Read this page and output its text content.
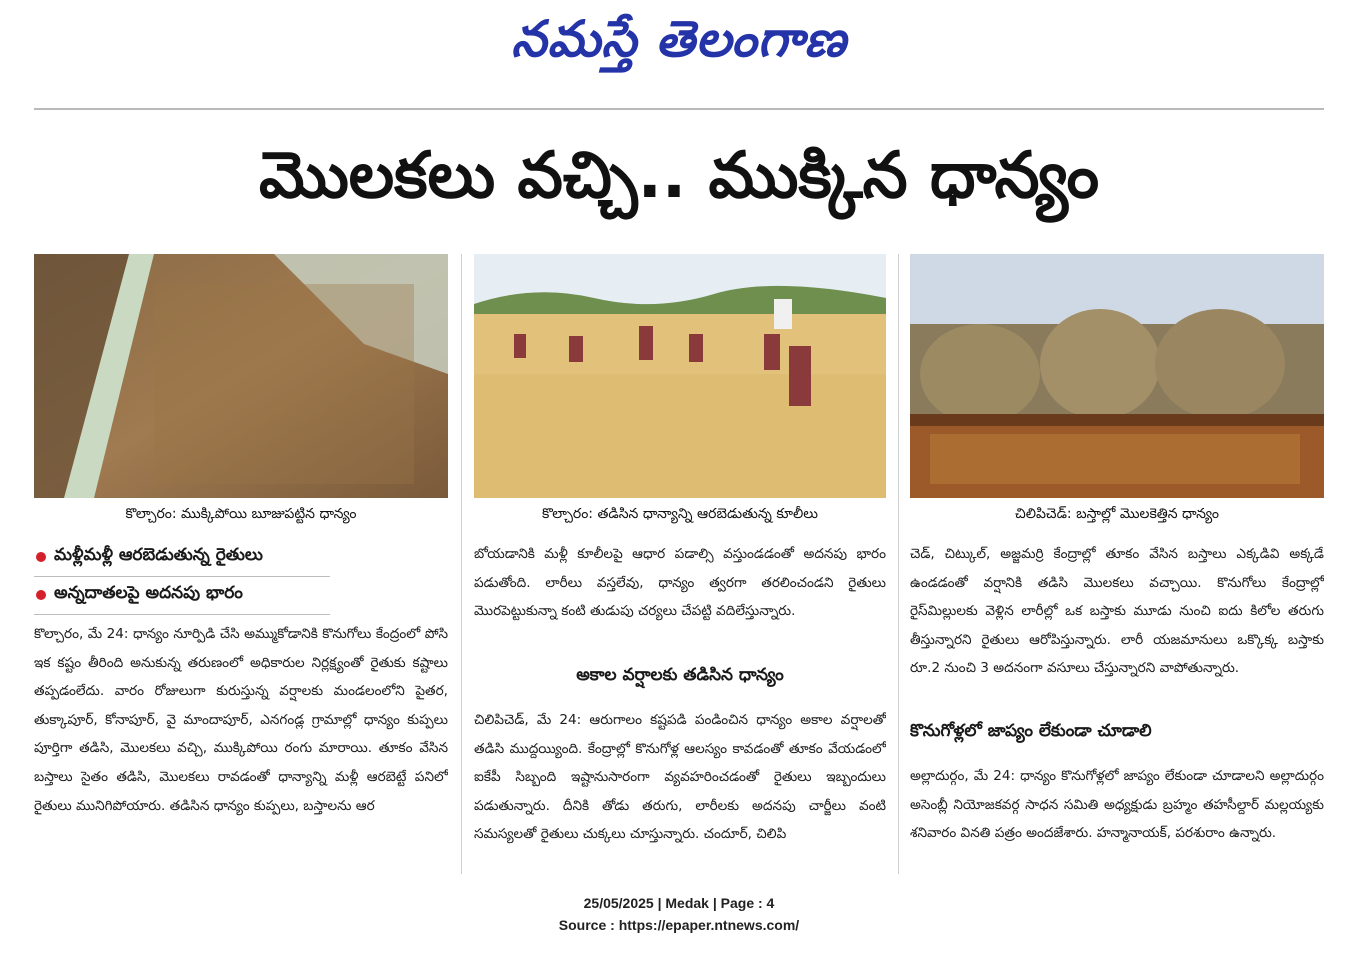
నమస్తే తెలంగాణ
మొలకలు వచ్చి.. ముక్కిన ధాన్యం
కొల్చారం: ముక్కిపోయి బూజుపట్టిన ధాన్యం	కొల్చారం: తడిసిన ధాన్యాన్ని ఆరబెడుతున్న కూలీలు	చిలిపిచెడ్: బస్తాల్లో మొలకెత్తిన ధాన్యం
మళ్లీమళ్లీ ఆరబెడుతున్న రైతులు
అన్నదాతలపై అదనపు భారం
కొల్చారం, మే 24: ధాన్యం నూర్పిడి చేసి అమ్ముకోడానికి కొనుగోలు కేంద్రంలో పోసి ఇక కష్టం తీరింది అనుకున్న తరుణంలో అధికారుల నిర్లక్ష్యంతో రైతుకు కష్టాలు తప్పడంలేదు. వారం రోజులుగా కురుస్తున్న వర్షాలకు మండలంలోని పైతర, తుక్కాపూర్, కోనాపూర్, వై మాందాపూర్, ఎనగండ్ల గ్రామాల్లో ధాన్యం కుప్పలు పూర్తిగా తడిసి, మొలకలు వచ్చి, ముక్కిపోయి రంగు మారాయి. తూకం వేసిన బస్తాలు సైతం తడిసి, మొలకలు రావడంతో ధాన్యాన్ని మళ్లీ ఆరబెట్టే పనిలో రైతులు మునిగిపోయారు. తడిసిన ధాన్యం కుప్పలు, బస్తాలను ఆర
బోయడానికి మళ్లీ కూలీలపై ఆధార పడాల్సి వస్తుండడంతో అదనపు భారం పడుతోంది. లారీలు వస్తలేవు, ధాన్యం త్వరగా తరలించండని రైతులు మొరపెట్టుకున్నా కంటి తుడుపు చర్యలు చేపట్టి వదిలేస్తున్నారు.
అకాల వర్షాలకు తడిసిన ధాన్యం
చిలిపిచెడ్, మే 24: ఆరుగాలం కష్టపడి పండించిన ధాన్యం అకాల వర్షాలతో తడిసి ముద్దయ్యింది. కేంద్రాల్లో కొనుగోళ్ల ఆలస్యం కావడంతో తూకం వేయడంలో ఐకేపీ సిబ్బంది ఇష్టానుసారంగా వ్యవహరించడంతో రైతులు ఇబ్బందులు పడుతున్నారు. దీనికి తోడు తరుగు, లారీలకు అదనపు చార్జీలు వంటి సమస్యలతో రైతులు చుక్కలు చూస్తున్నారు. చందూర్, చిలిపి
చెడ్, చిట్కుల్, అజ్జమర్రి కేంద్రాల్లో తూకం వేసిన బస్తాలు ఎక్కడివి అక్కడే ఉండడంతో వర్షానికి తడిసి మొలకలు వచ్చాయి. కొనుగోలు కేంద్రాల్లో రైస్‌మిల్లులకు వెళ్లిన లారీల్లో ఒక బస్తాకు మూడు నుంచి ఐదు కిలోల తరుగు తీస్తున్నారని రైతులు ఆరోపిస్తున్నారు. లారీ యజమానులు ఒక్కొక్క బస్తాకు రూ.2 నుంచి 3 అదనంగా వసూలు చేస్తున్నారని వాపోతున్నారు.
కొనుగోళ్లలో జాప్యం లేకుండా చూడాలి
అల్లాదుర్గం, మే 24: ధాన్యం కొనుగోళ్లలో జాప్యం లేకుండా చూడాలని అల్లాదుర్గం అసెంబ్లీ నియోజకవర్గ సాధన సమితి అధ్యక్షుడు బ్రహ్మం తహసీల్దార్ మల్లయ్యకు శనివారం వినతి పత్రం అందజేశారు. హన్మానాయక్, పరశురాం ఉన్నారు.
25/05/2025 | Medak | Page : 4
Source : https://epaper.ntnews.com/
